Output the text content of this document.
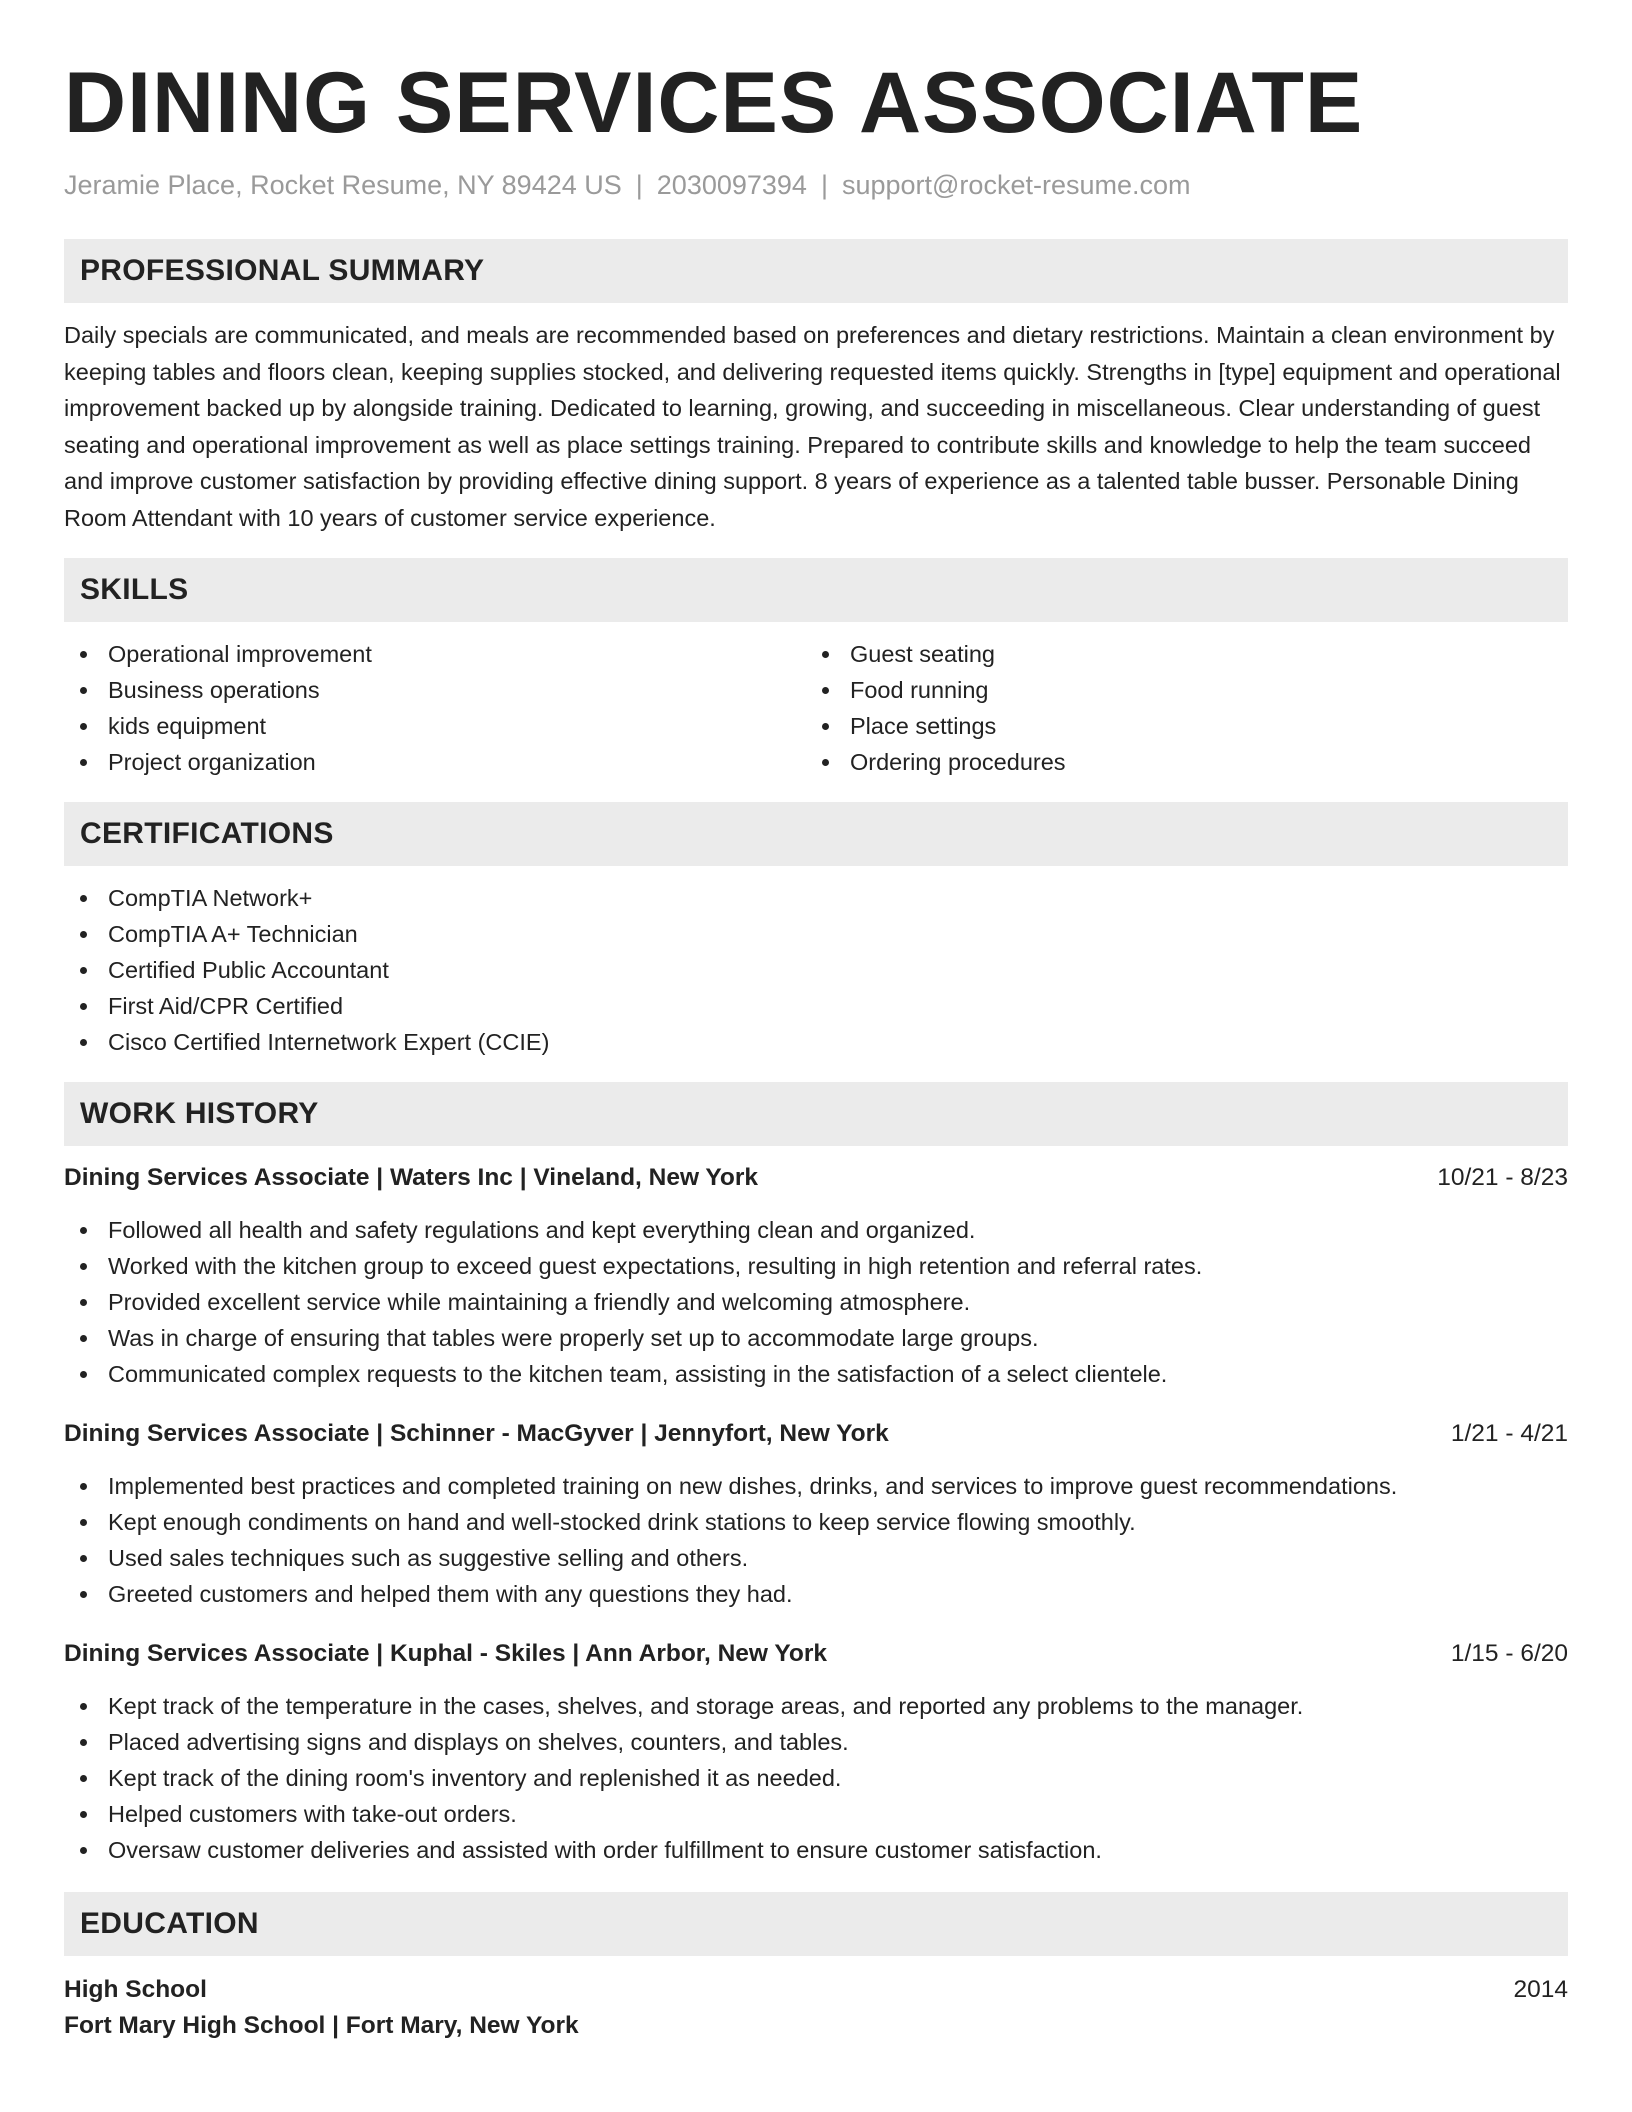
DINING SERVICES ASSOCIATE
Jeramie Place, Rocket Resume, NY 89424 US | 2030097394 | support@rocket-resume.com
PROFESSIONAL SUMMARY

Daily specials are communicated, and meals are recommended based on preferences and dietary restrictions. Maintain a clean environment by keeping tables and floors clean, keeping supplies stocked, and delivering requested items quickly. Strengths in [type] equipment and operational improvement backed up by alongside training. Dedicated to learning, growing, and succeeding in miscellaneous. Clear understanding of guest seating and operational improvement as well as place settings training. Prepared to contribute skills and knowledge to help the team succeed and improve customer satisfaction by providing effective dining support. 8 years of experience as a talented table busser. Personable Dining Room Attendant with 10 years of customer service experience.

SKILLS
Operational improvement
Business operations
kids equipment
Project organization
Guest seating
Food running
Place settings
Ordering procedures
CERTIFICATIONS
CompTIA Network+
CompTIA A+ Technician
Certified Public Accountant
First Aid/CPR Certified
Cisco Certified Internetwork Expert (CCIE)
WORK HISTORY
Dining Services Associate | Waters Inc | Vineland, New York	10/21 - 8/23
Followed all health and safety regulations and kept everything clean and organized.
Worked with the kitchen group to exceed guest expectations, resulting in high retention and referral rates.
Provided excellent service while maintaining a friendly and welcoming atmosphere.
Was in charge of ensuring that tables were properly set up to accommodate large groups.
Communicated complex requests to the kitchen team, assisting in the satisfaction of a select clientele.
Dining Services Associate | Schinner - MacGyver | Jennyfort, New York	1/21 - 4/21
Implemented best practices and completed training on new dishes, drinks, and services to improve guest recommendations.
Kept enough condiments on hand and well-stocked drink stations to keep service flowing smoothly.
Used sales techniques such as suggestive selling and others.
Greeted customers and helped them with any questions they had.
Dining Services Associate | Kuphal - Skiles | Ann Arbor, New York	1/15 - 6/20
Kept track of the temperature in the cases, shelves, and storage areas, and reported any problems to the manager.
Placed advertising signs and displays on shelves, counters, and tables.
Kept track of the dining room's inventory and replenished it as needed.
Helped customers with take-out orders.
Oversaw customer deliveries and assisted with order fulfillment to ensure customer satisfaction.
EDUCATION
High School	2014
Fort Mary High School | Fort Mary, New York
